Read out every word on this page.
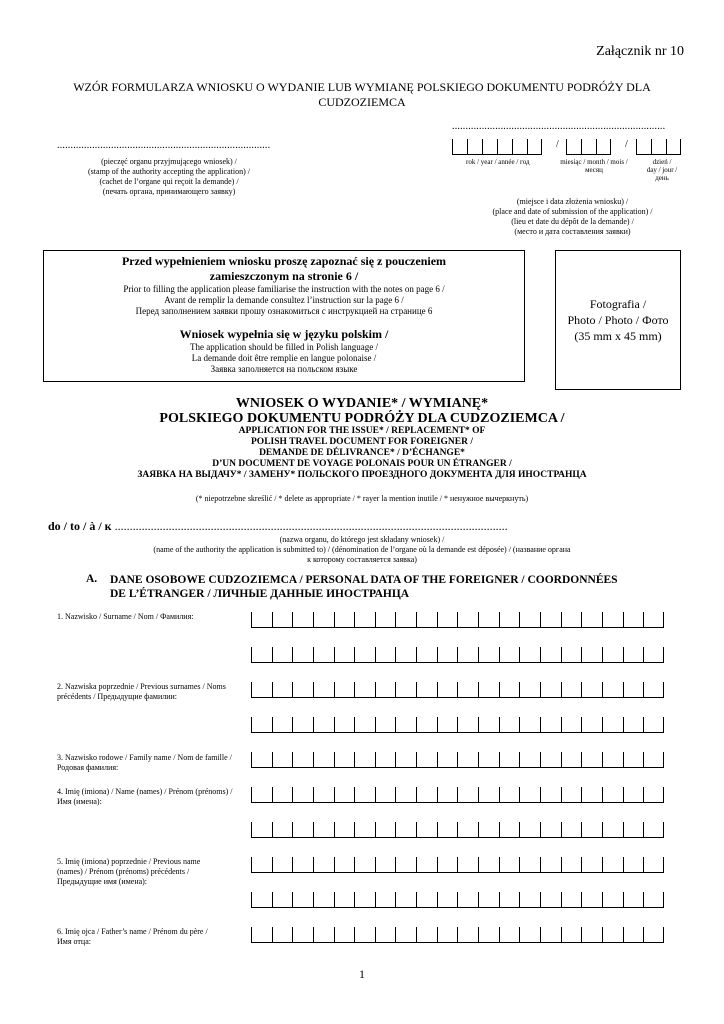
Załącznik nr 10
WZÓR FORMULARZA WNIOSKU O WYDANIE LUB WYMIANĘ POLSKIEGO DOKUMENTU PODRÓŻY DLA
CUDZOZIEMCA
...............................................................................
(pieczęć organu przyjmującego wniosek) /
(stamp of the authority accepting the application) /
(cachet de l’organe qui reçoit la demande) /
(печать органа, принимающего заявку)
...............................................................................
/	/
rok / year / année / год	miesiąc / month / mois /
месяц
dzień /
day / jour /
день
(miejsce i data złożenia wniosku) /
(place and date of submission of the application) /
(lieu et date du dépôt de la demande) /
(место и дата составления заявки)
Przed wypełnieniem wniosku proszę zapoznać się z pouczeniem
zamieszczonym na stronie 6 /
Prior to filling the application please familiarise the instruction with the notes on page 6 /
Avant de remplir la demande consultez l’instruction sur la page 6 /
Перед заполнением заявки прошу ознакомиться с инструкцией на странице 6
Wniosek wypełnia się w języku polskim /
The application should be filled in Polish language /
La demande doit être remplie en langue polonaise /
Заявка заполняется на польском языке
Fotografia /
Photo / Photo / Фото
(35 mm x 45 mm)
WNIOSEK O WYDANIE* / WYMIANĘ*
POLSKIEGO DOKUMENTU PODRÓŻY DLA CUDZOZIEMCA /
APPLICATION FOR THE ISSUE* / REPLACEMENT* OF
POLISH TRAVEL DOCUMENT FOR FOREIGNER /
DEMANDE DE DÉLIVRANCE* / D’ÉCHANGE*
D’UN DOCUMENT DE VOYAGE POLONAIS POUR UN ÉTRANGER /
ЗАЯВКА НА ВЫДАЧУ* / ЗАМЕНУ* ПОЛЬСКОГО ПРОЕЗДНОГО ДОКУМЕНТА ДЛЯ ИНОСТРАНЦА
(* niepotrzebne skreślić / * delete as appropriate / * rayer la mention inutile / * ненужное вычеркнуть)
do / to / à / к ...................................................................................................................................
(nazwa organu, do którego jest składany wniosek) /
(name of the authority the application is submitted to) / (dénomination de l’organe où la demande est déposée) / (название органа
к которому составляется заявка)
A. DANE OSOBOWE CUDZOZIEMCA / PERSONAL DATA OF THE FOREIGNER / COORDONNÉES
DE L’ÉTRANGER / ЛИЧНЫЕ ДАННЫЕ ИНОСТРАНЦА
1. Nazwisko / Surname / Nom / Фамилия:
2. Nazwiska poprzednie / Previous surnames / Noms
précédents / Предыдущие фамилии:
3. Nazwisko rodowe / Family name / Nom de famille /
Родовая фамилия:
4. Imię (imiona) / Name (names) / Prénom (prénoms) /
Имя (имена):
5. Imię (imiona) poprzednie / Previous name
(names) / Prénom (prénoms) précédents /
Предыдущие имя (имена):
6. Imię ojca / Father’s name / Prénom du père /
Имя отца:
1
